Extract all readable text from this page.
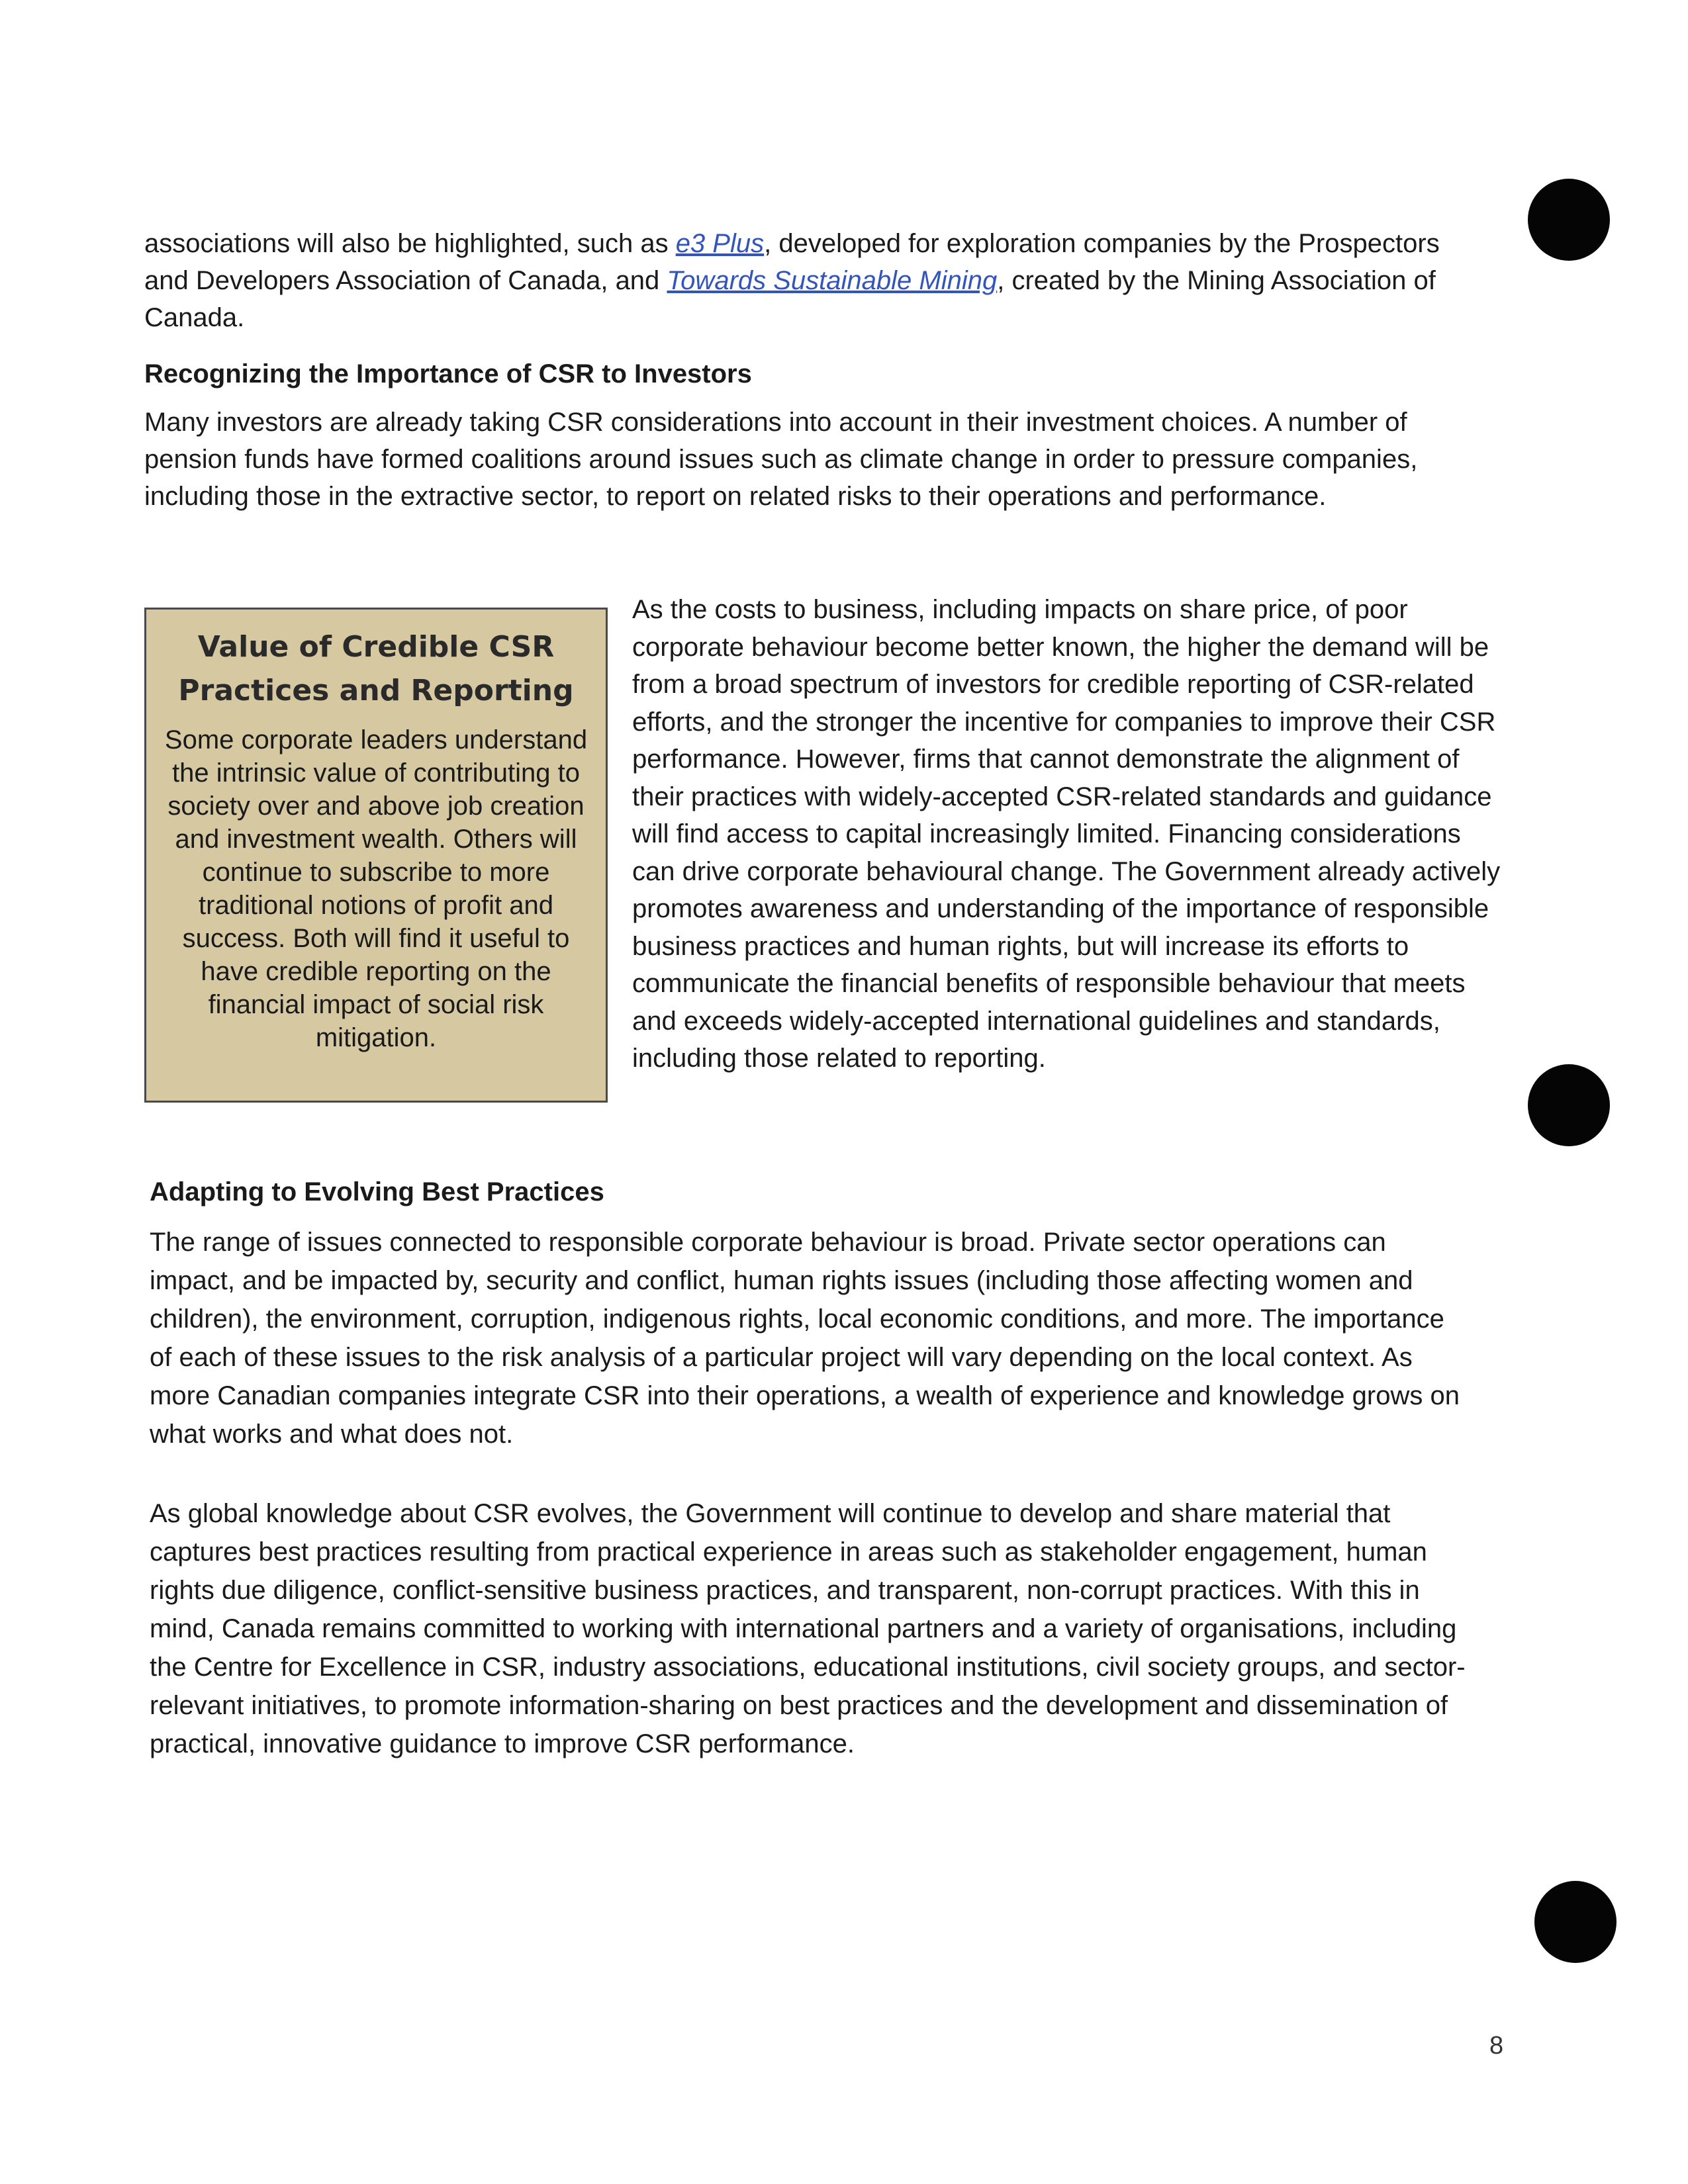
associations will also be highlighted, such as e3 Plus, developed for exploration companies by the Prospectors and Developers Association of Canada, and Towards Sustainable Mining, created by the Mining Association of Canada.

Recognizing the Importance of CSR to Investors

Many investors are already taking CSR considerations into account in their investment choices. A number of pension funds have formed coalitions around issues such as climate change in order to pressure companies, including those in the extractive sector, to report on related risks to their operations and performance.

Value of Credible CSR Practices and Reporting

Some corporate leaders understand the intrinsic value of contributing to society over and above job creation and investment wealth. Others will continue to subscribe to more traditional notions of profit and success. Both will find it useful to have credible reporting on the financial impact of social risk mitigation.

As the costs to business, including impacts on share price, of poor corporate behaviour become better known, the higher the demand will be from a broad spectrum of investors for credible reporting of CSR-related efforts, and the stronger the incentive for companies to improve their CSR performance. However, firms that cannot demonstrate the alignment of their practices with widely-accepted CSR-related standards and guidance will find access to capital increasingly limited. Financing considerations can drive corporate behavioural change. The Government already actively promotes awareness and understanding of the importance of responsible business practices and human rights, but will increase its efforts to communicate the financial benefits of responsible behaviour that meets and exceeds widely-accepted international guidelines and standards, including those related to reporting.

Adapting to Evolving Best Practices

The range of issues connected to responsible corporate behaviour is broad. Private sector operations can impact, and be impacted by, security and conflict, human rights issues (including those affecting women and children), the environment, corruption, indigenous rights, local economic conditions, and more. The importance of each of these issues to the risk analysis of a particular project will vary depending on the local context. As more Canadian companies integrate CSR into their operations, a wealth of experience and knowledge grows on what works and what does not.

As global knowledge about CSR evolves, the Government will continue to develop and share material that captures best practices resulting from practical experience in areas such as stakeholder engagement, human rights due diligence, conflict-sensitive business practices, and transparent, non-corrupt practices. With this in mind, Canada remains committed to working with international partners and a variety of organisations, including the Centre for Excellence in CSR, industry associations, educational institutions, civil society groups, and sector-relevant initiatives, to promote information-sharing on best practices and the development and dissemination of practical, innovative guidance to improve CSR performance.

8
